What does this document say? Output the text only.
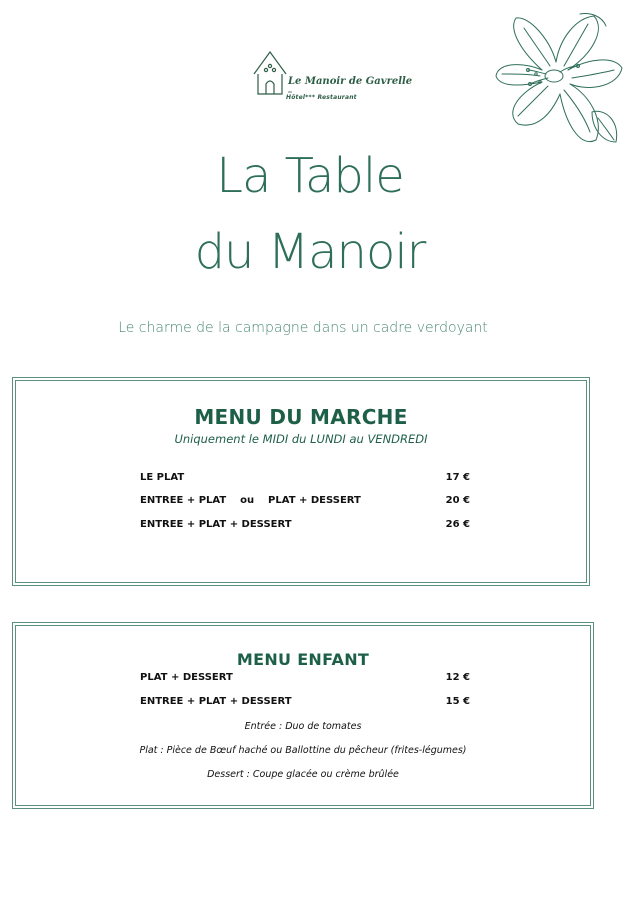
Le Manoir de Gavrelle
Hôtel*** Restaurant
La Table
du Manoir
Le charme de la campagne dans un cadre verdoyant
MENU DU MARCHE
Uniquement le MIDI du LUNDI au VENDREDI
LE PLAT	17 €
ENTREE + PLAT    ou    PLAT + DESSERT	20 €
ENTREE + PLAT + DESSERT	26 €
MENU ENFANT
PLAT + DESSERT	12 €
ENTREE + PLAT + DESSERT	15 €
Entrée : Duo de tomates
Plat : Pièce de Bœuf haché ou Ballottine du pêcheur (frites-légumes)
Dessert : Coupe glacée ou crème brûlée
